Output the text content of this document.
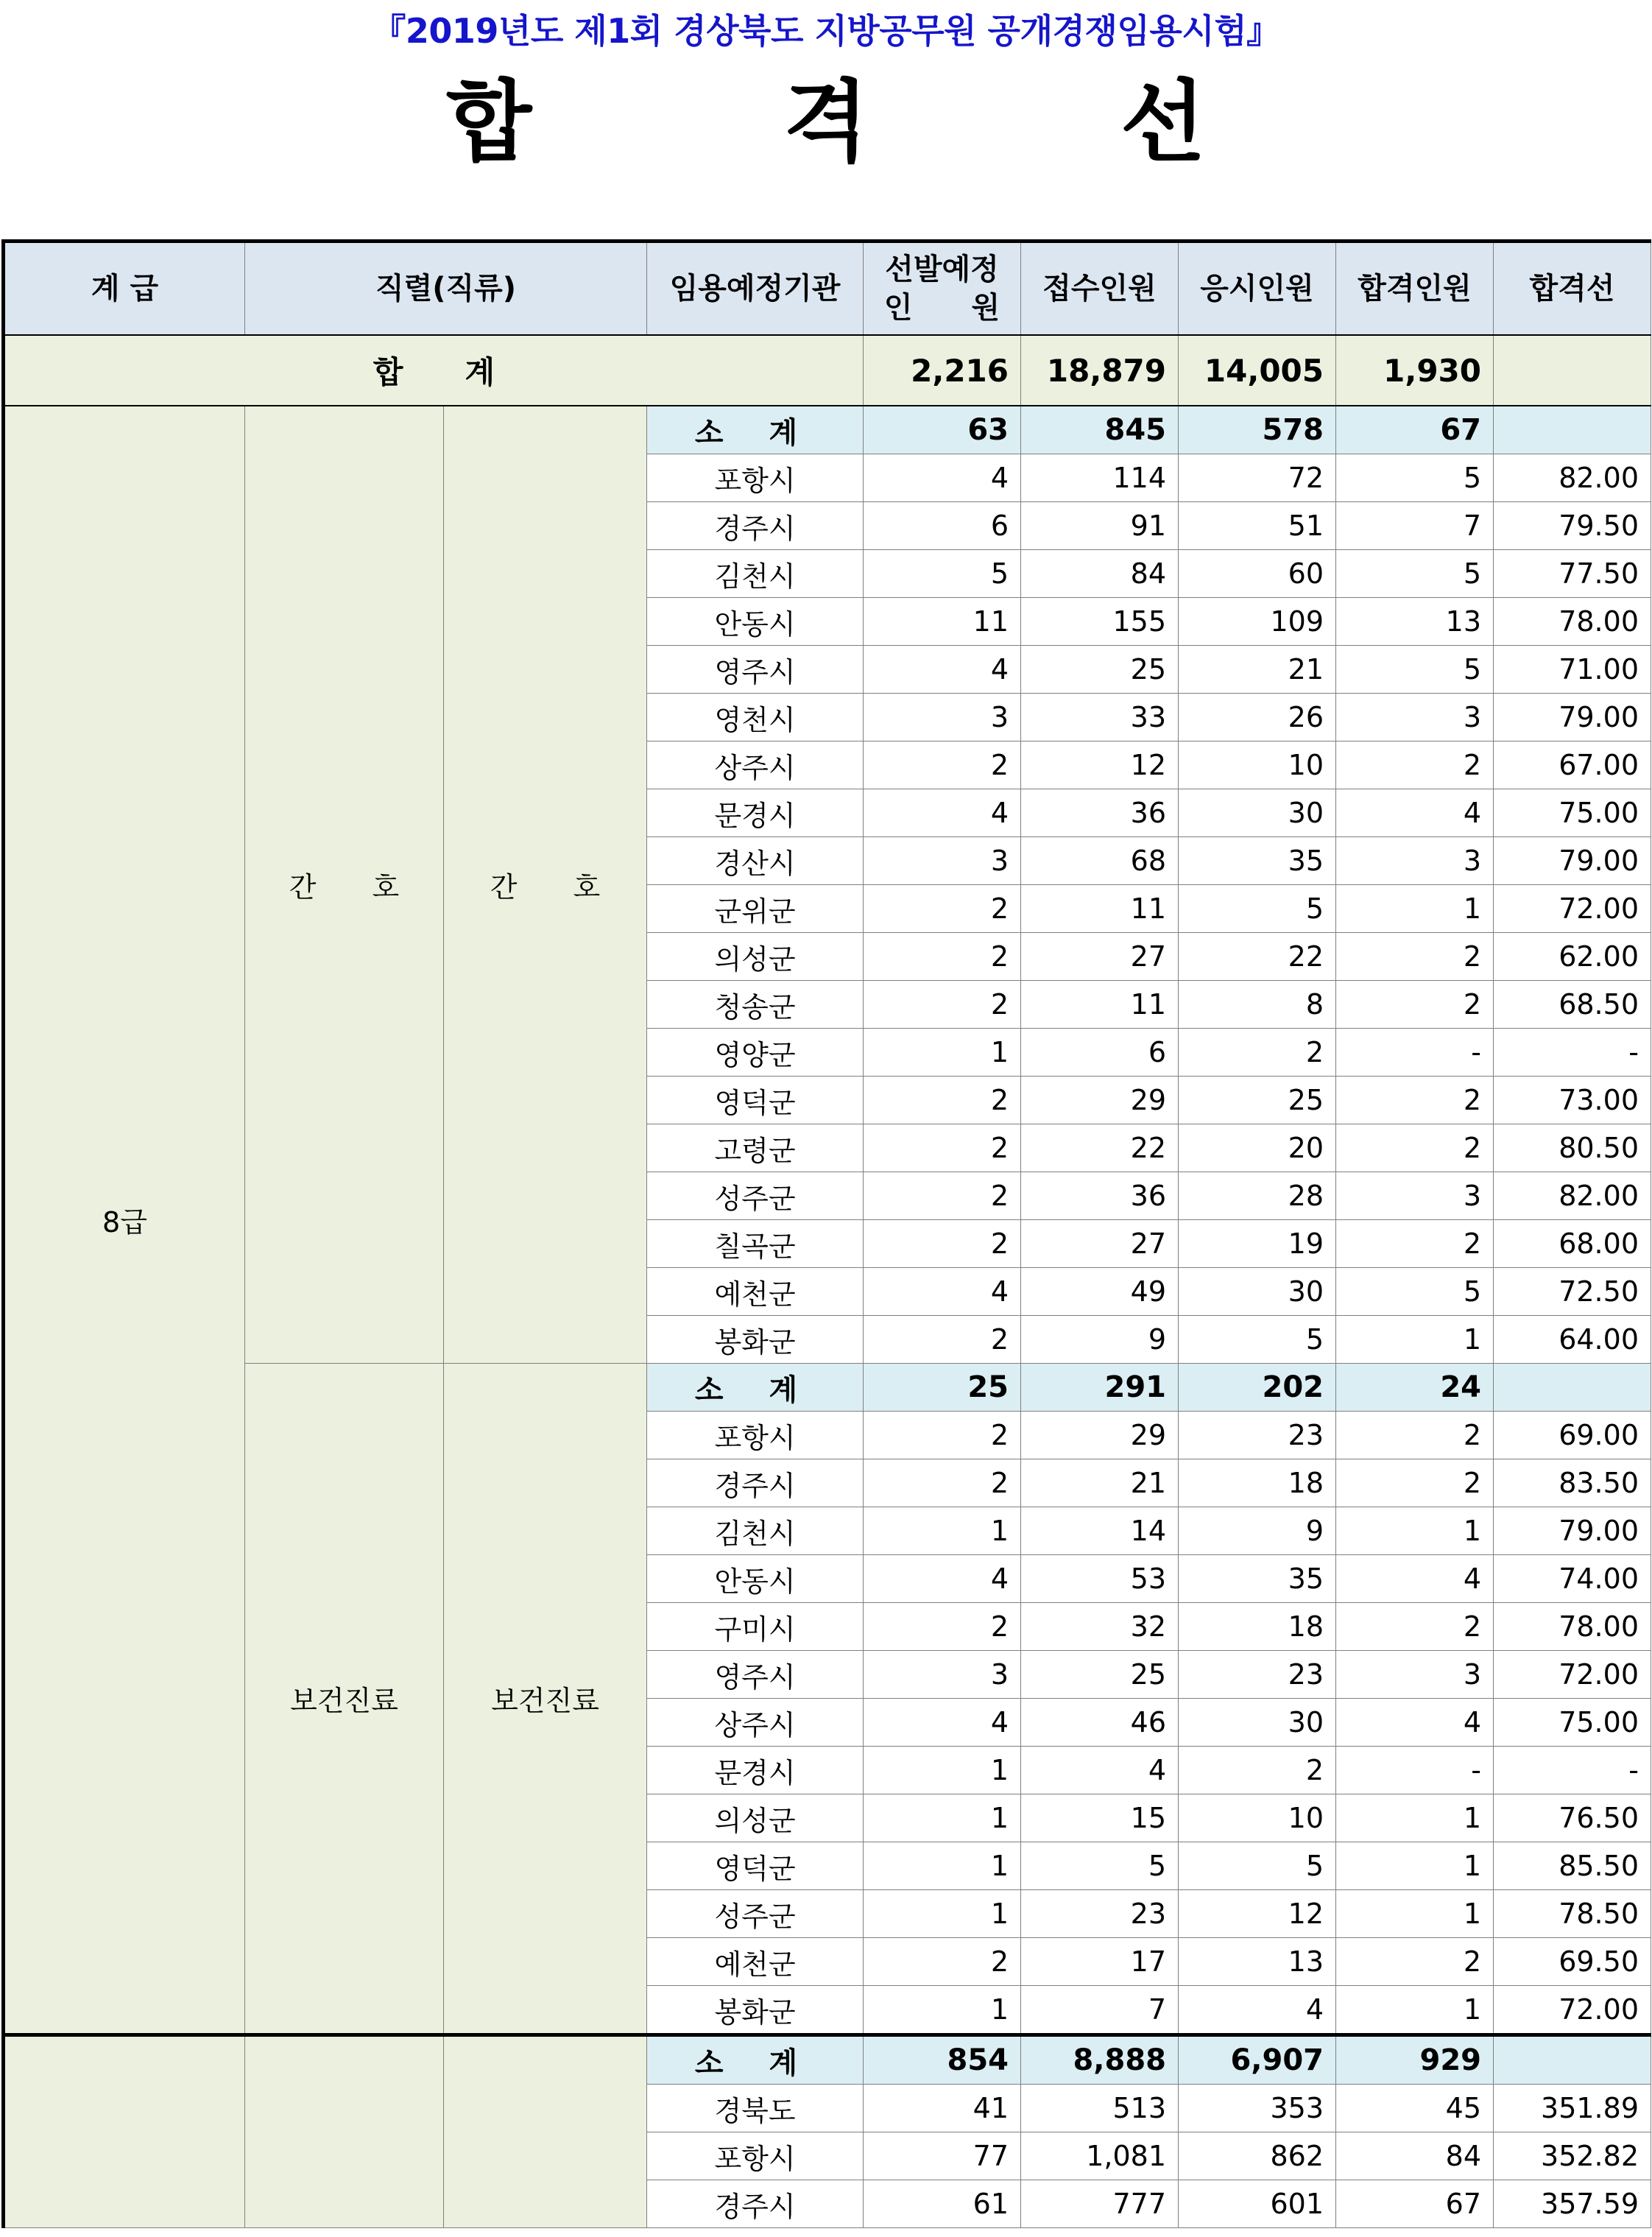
『2019년도 제1회 경상북도 지방공무원 공개경쟁임용시험』
합 격 선
계 급	직렬(직류)		임용예정기관	선발예정
인　　원	접수인원	응시인원	합격인원	합격선
합　　계				2,216	18,879	14,005	1,930	
8급	간　　호	간　　호	소 계	63	845	578	67	
			포항시	4	114	72	5	82.00
			경주시	6	91	51	7	79.50
			김천시	5	84	60	5	77.50
			안동시	11	155	109	13	78.00
			영주시	4	25	21	5	71.00
			영천시	3	33	26	3	79.00
			상주시	2	12	10	2	67.00
			문경시	4	36	30	4	75.00
			경산시	3	68	35	3	79.00
			군위군	2	11	5	1	72.00
			의성군	2	27	22	2	62.00
			청송군	2	11	8	2	68.50
			영양군	1	6	2	-	-
			영덕군	2	29	25	2	73.00
			고령군	2	22	20	2	80.50
			성주군	2	36	28	3	82.00
			칠곡군	2	27	19	2	68.00
			예천군	4	49	30	5	72.50
			봉화군	2	9	5	1	64.00
	보건진료	보건진료	소 계	25	291	202	24	
			포항시	2	29	23	2	69.00
			경주시	2	21	18	2	83.50
			김천시	1	14	9	1	79.00
			안동시	4	53	35	4	74.00
			구미시	2	32	18	2	78.00
			영주시	3	25	23	3	72.00
			상주시	4	46	30	4	75.00
			문경시	1	4	2	-	-
			의성군	1	15	10	1	76.50
			영덕군	1	5	5	1	85.50
			성주군	1	23	12	1	78.50
			예천군	2	17	13	2	69.50
			봉화군	1	7	4	1	72.00
			소 계	854	8,888	6,907	929	
			경북도	41	513	353	45	351.89
			포항시	77	1,081	862	84	352.82
			경주시	61	777	601	67	357.59
